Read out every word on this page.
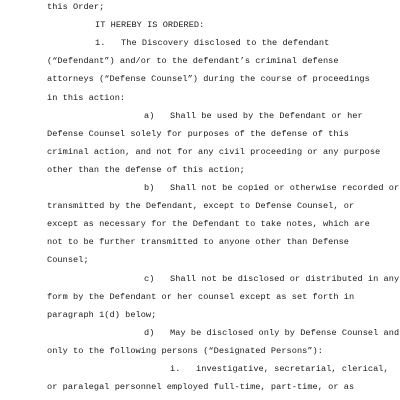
this Order;
IT HEREBY IS ORDERED:
1.   The Discovery disclosed to the defendant
(“Defendant”) and/or to the defendant’s criminal defense
attorneys (“Defense Counsel”) during the course of proceedings
in this action:
a)   Shall be used by the Defendant or her
Defense Counsel solely for purposes of the defense of this
criminal action, and not for any civil proceeding or any purpose
other than the defense of this action;
b)   Shall not be copied or otherwise recorded or
transmitted by the Defendant, except to Defense Counsel, or
except as necessary for the Defendant to take notes, which are
not to be further transmitted to anyone other than Defense
Counsel;
c)   Shall not be disclosed or distributed in any
form by the Defendant or her counsel except as set forth in
paragraph 1(d) below;
d)   May be disclosed only by Defense Counsel and
only to the following persons (“Designated Persons”):
i.   investigative, secretarial, clerical,
or paralegal personnel employed full-time, part-time, or as
